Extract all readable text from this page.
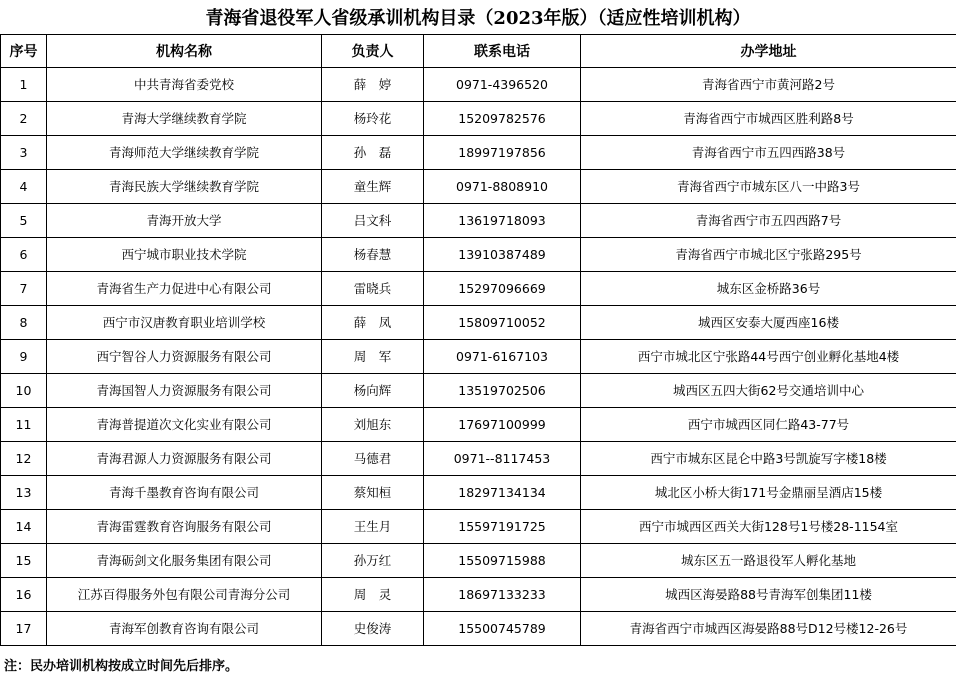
青海省退役军人省级承训机构目录（2023年版）（适应性培训机构）
序号	机构名称	负责人	联系电话	办学地址
1	中共青海省委党校	薛　婷	0971-4396520	青海省西宁市黄河路2号
2	青海大学继续教育学院	杨玲花	15209782576	青海省西宁市城西区胜利路8号
3	青海师范大学继续教育学院	孙　磊	18997197856	青海省西宁市五四西路38号
4	青海民族大学继续教育学院	童生辉	0971-8808910	青海省西宁市城东区八一中路3号
5	青海开放大学	吕文科	13619718093	青海省西宁市五四西路7号
6	西宁城市职业技术学院	杨春慧	13910387489	青海省西宁市城北区宁张路295号
7	青海省生产力促进中心有限公司	雷晓兵	15297096669	城东区金桥路36号
8	西宁市汉唐教育职业培训学校	薛　凤	15809710052	城西区安泰大厦西座16楼
9	西宁智谷人力资源服务有限公司	周　军	0971-6167103	西宁市城北区宁张路44号西宁创业孵化基地4楼
10	青海国智人力资源服务有限公司	杨向辉	13519702506	城西区五四大街62号交通培训中心
11	青海普提道次文化实业有限公司	刘旭东	17697100999	西宁市城西区同仁路43-77号
12	青海君源人力资源服务有限公司	马德君	0971--8117453	西宁市城东区昆仑中路3号凯旋写字楼18楼
13	青海千墨教育咨询有限公司	蔡知桓	18297134134	城北区小桥大街171号金鼎丽呈酒店15楼
14	青海雷霆教育咨询服务有限公司	王生月	15597191725	西宁市城西区西关大街128号1号楼28-1154室
15	青海砺剑文化服务集团有限公司	孙万红	15509715988	城东区五一路退役军人孵化基地
16	江苏百得服务外包有限公司青海分公司	周　灵	18697133233	城西区海晏路88号青海军创集团11楼
17	青海军创教育咨询有限公司	史俊涛	15500745789	青海省西宁市城西区海晏路88号D12号楼12-26号
注：民办培训机构按成立时间先后排序。
